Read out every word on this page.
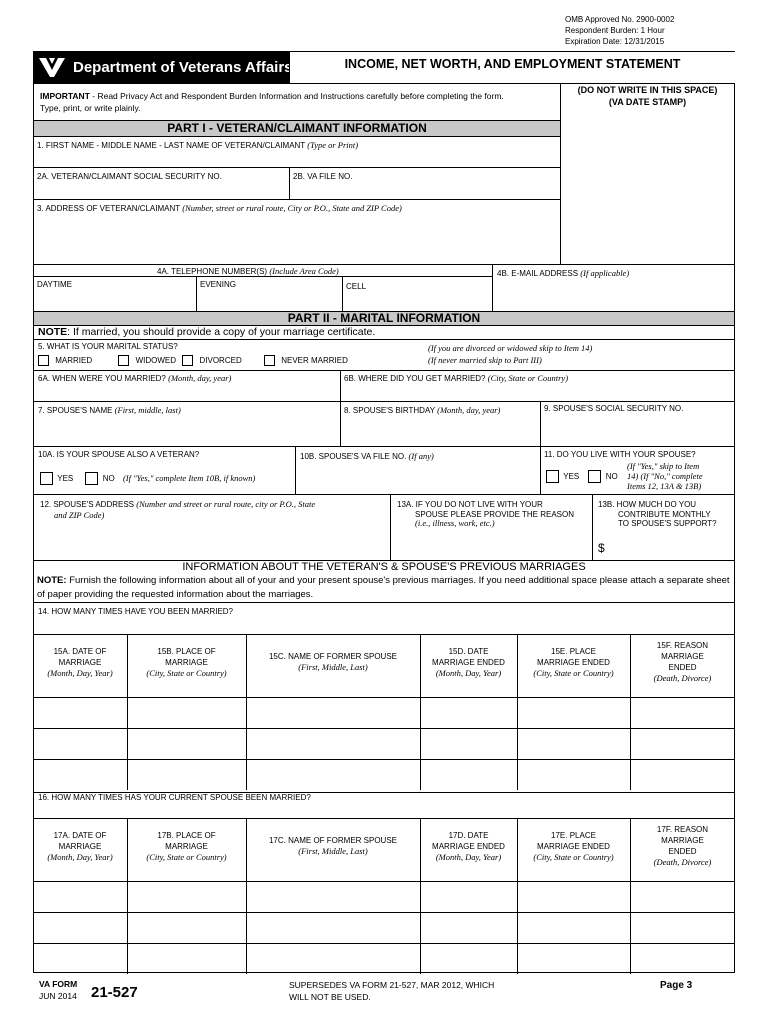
OMB Approved No. 2900-0002
Respondent Burden: 1 Hour
Expiration Date: 12/31/2015
Department of Veterans Affairs	INCOME, NET WORTH, AND EMPLOYMENT STATEMENT
IMPORTANT - Read Privacy Act and Respondent Burden Information and Instructions carefully before completing the form. Type, print, or write plainly.
(DO NOT WRITE IN THIS SPACE)
(VA DATE STAMP)
PART I - VETERAN/CLAIMANT INFORMATION
1. FIRST NAME - MIDDLE NAME - LAST NAME OF VETERAN/CLAIMANT (Type or Print)
2A. VETERAN/CLAIMANT SOCIAL SECURITY NO.	2B. VA FILE NO.
3. ADDRESS OF VETERAN/CLAIMANT (Number, street or rural route, City or P.O., State and ZIP Code)
4A. TELEPHONE NUMBER(S) (Include Area Code)	4B. E-MAIL ADDRESS (If applicable)
DAYTIME	EVENING	CELL
PART II - MARITAL INFORMATION
NOTE: If married, you should provide a copy of your marriage certificate.
5. WHAT IS YOUR MARITAL STATUS?
MARRIED	WIDOWED	DIVORCED	NEVER MARRIED
(If you are divorced or widowed skip to Item 14)
(If never married skip to Part III)
6A. WHEN WERE YOU MARRIED? (Month, day, year)	6B. WHERE DID YOU GET MARRIED? (City, State or Country)
7. SPOUSE'S NAME (First, middle, last)	8. SPOUSE'S BIRTHDAY (Month, day, year)	9. SPOUSE'S SOCIAL SECURITY NO.
10A. IS YOUR SPOUSE ALSO A VETERAN?	10B. SPOUSE'S VA FILE NO. (If any)	11. DO YOU LIVE WITH YOUR SPOUSE?
YES	NO (If "Yes," complete Item 10B, if known)	YES	NO
(If "Yes," skip to Item
14) (If "No," complete
Items 12, 13A & 13B)
12. SPOUSE'S ADDRESS (Number and street or rural route, city or P.O., State
and ZIP Code)
13A. IF YOU DO NOT LIVE WITH YOUR
SPOUSE PLEASE PROVIDE THE REASON
(i.e., illness, work, etc.)
13B. HOW MUCH DO YOU
CONTRIBUTE MONTHLY
TO SPOUSE'S SUPPORT?
$
INFORMATION ABOUT THE VETERAN'S & SPOUSE'S PREVIOUS MARRIAGES
NOTE: Furnish the following information about all of your and your present spouse's previous marriages. If you need additional space please attach a separate sheet of paper providing the requested information about the marriages.
14. HOW MANY TIMES HAVE YOU BEEN MARRIED?
15A. DATE OF
MARRIAGE
(Month, Day, Year)
15B. PLACE OF
MARRIAGE
(City, State or Country)
15C. NAME OF FORMER SPOUSE
(First, Middle, Last)
15D. DATE
MARRIAGE ENDED
(Month, Day, Year)
15E. PLACE
MARRIAGE ENDED
(City, State or Country)
15F. REASON
MARRIAGE
ENDED
(Death, Divorce)
16. HOW MANY TIMES HAS YOUR CURRENT SPOUSE BEEN MARRIED?
17A. DATE OF
MARRIAGE
(Month, Day, Year)
17B. PLACE OF
MARRIAGE
(City, State or Country)
17C. NAME OF FORMER SPOUSE
(First, Middle, Last)
17D. DATE
MARRIAGE ENDED
(Month, Day, Year)
17E. PLACE
MARRIAGE ENDED
(City, State or Country)
17F. REASON
MARRIAGE
ENDED
(Death, Divorce)
VA FORM
JUN 2014 21-527	SUPERSEDES VA FORM 21-527, MAR 2012, WHICH
WILL NOT BE USED.
Page 3
